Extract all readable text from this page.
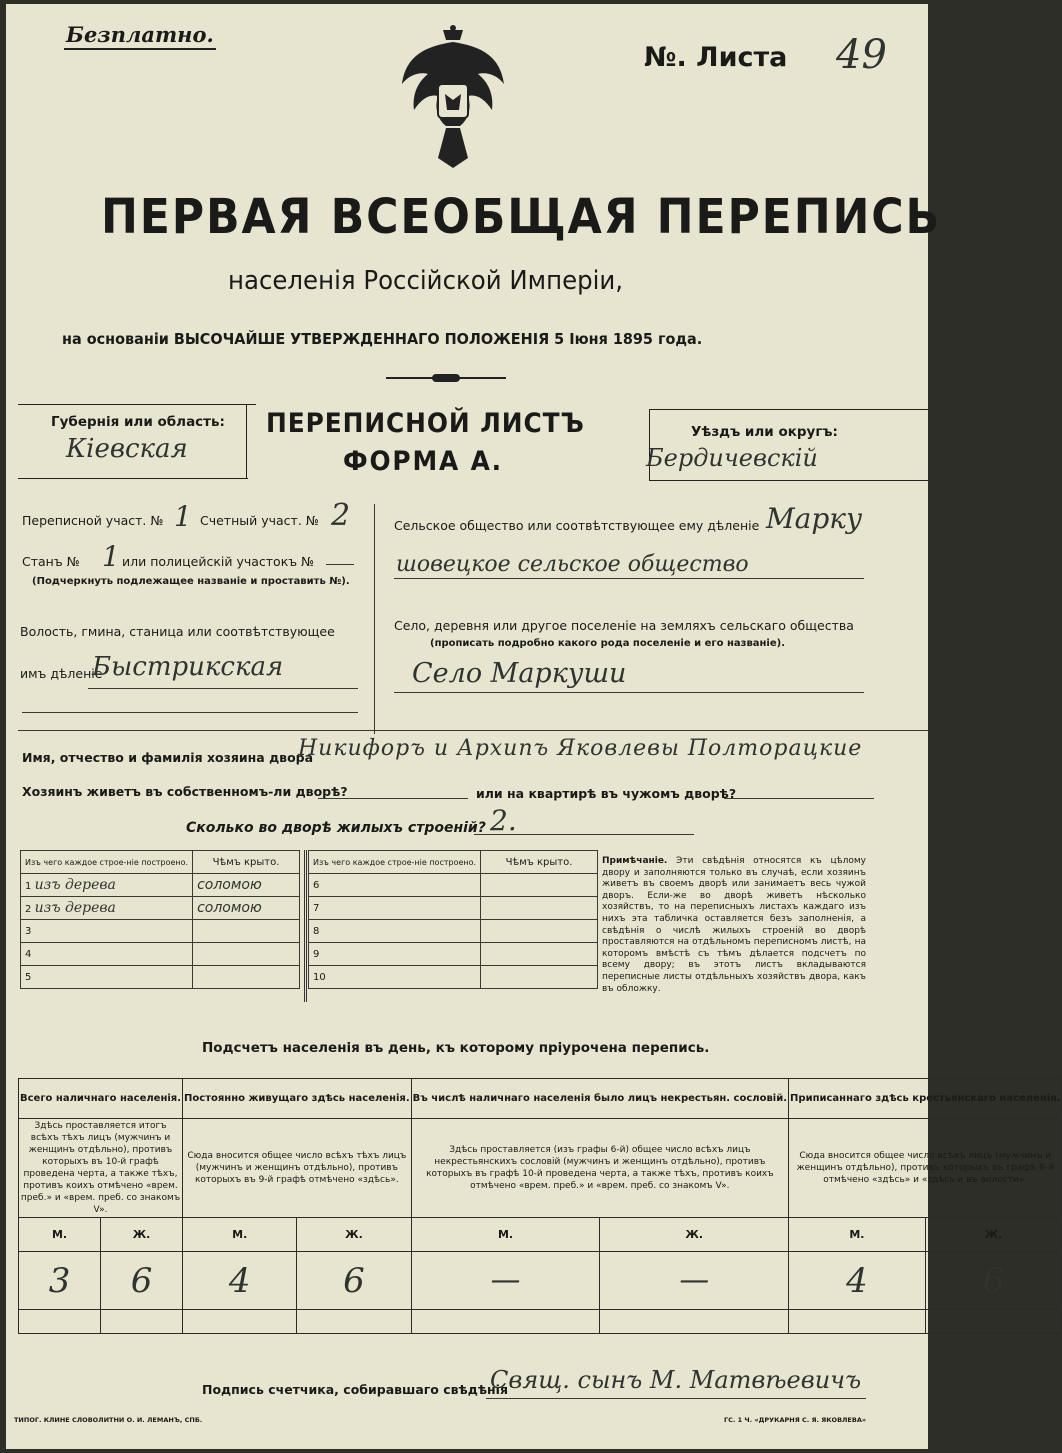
Безплатно.
№. Листа 49
ПЕРВАЯ ВСЕОБЩАЯ ПЕРЕПИСЬ
населенія Россійской Имперіи,
на основаніи ВЫСОЧАЙШЕ УТВЕРЖДЕННАГО ПОЛОЖЕНІЯ 5 Іюня 1895 года.
Губернія или область:
Кіевская
ПЕРЕПИСНОЙ ЛИСТЪ
ФОРМА А.
Уѣздъ или округъ:
Бердичевскій
Переписной участ. № 1 Счетный участ. № 2
Станъ № 1 или полицейскій участокъ №
(Подчеркнуть подлежащее названіе и проставить №).
Волость, гмина, станица или соотвѣтствующее
имъ дѣленіе
Быстрикская
Сельское общество или соотвѣтствующее ему дѣленіе Марку
шовецкое сельское общество
Село, деревня или другое поселеніе на земляхъ сельскаго общества
(прописать подробно какого рода поселеніе и его названіе).
Село Маркуши
Имя, отчество и фамилія хозяина двора
Никифоръ и Архипъ Яковлевы Полторацкие
Хозяинъ живетъ въ собственномъ-ли дворѣ?	или на квартирѣ въ чужомъ дворѣ?
Сколько во дворѣ жилыхъ строеній? 2.
Изъ чего каждое строе-ніе построено.	Чѣмъ крыто.
1 изъ дерева	соломою
2 изъ дерева	соломою
3	
4	
5	
Изъ чего каждое строе-ніе построено.	Чѣмъ крыто.
6	
7	
8	
9	
10	
Примѣчаніе. Эти свѣдѣнія относятся къ цѣлому двору и заполняются только въ случаѣ, если хозяинъ живетъ въ своемъ дворѣ или занимаетъ весь чужой дворъ. Если-же во дворѣ живетъ нѣсколько хозяйствъ, то на переписныхъ листахъ каждаго изъ нихъ эта табличка оставляется безъ заполненія, а свѣдѣнія о числѣ жилыхъ строеній во дворѣ проставляются на отдѣльномъ переписномъ листѣ, на которомъ вмѣстѣ съ тѣмъ дѣлается подсчетъ по всему двору; въ этотъ листъ вкладываются переписные листы отдѣльныхъ хозяйствъ двора, какъ въ обложку.
Подсчетъ населенія въ день, къ которому пріурочена перепись.
Всего наличнаго населенія.		Постоянно живущаго здѣсь населенія.		Въ числѣ наличнаго населенія было лицъ некрестьян. сословій.		Приписаннаго здѣсь крестьянскаго населенія.	
Здѣсь проставляется итогъ всѣхъ тѣхъ лицъ (мужчинъ и женщинъ отдѣльно), противъ которыхъ въ 10-й графѣ проведена черта, а также тѣхъ, противъ коихъ отмѣчено «врем. преб.» и «врем. преб. со знакомъ V».		Сюда вносится общее число всѣхъ тѣхъ лицъ (мужчинъ и женщинъ отдѣльно), противъ которыхъ въ 9-й графѣ отмѣчено «здѣсь».		Здѣсь проставляется (изъ графы 6-й) общее число всѣхъ лицъ некрестьянскихъ сословій (мужчинъ и женщинъ отдѣльно), противъ которыхъ въ графѣ 10-й проведена черта, а также тѣхъ, противъ коихъ отмѣчено «врем. преб.» и «врем. преб. со знакомъ V».		Сюда вносится общее число всѣхъ лицъ (мужчинъ и женщинъ отдѣльно), противъ которыхъ въ графѣ 8-й отмѣчено «здѣсь» и «здѣсь и въ волости».	
М.	Ж.	М.	Ж.	М.	Ж.	М.	Ж.
3	6	4	6	—	—	4	6

Подпись счетчика, собиравшаго свѣдѣнія
Свящ. сынъ М. Матвѣевичъ
ТИПОГ. КЛИНЕ СЛОВОЛИТНИ О. И. ЛЕМАНЪ, СПБ.	ГС. 1 Ч. «ДРУКАРНЯ С. Я. ЯКОВЛЕВА»
